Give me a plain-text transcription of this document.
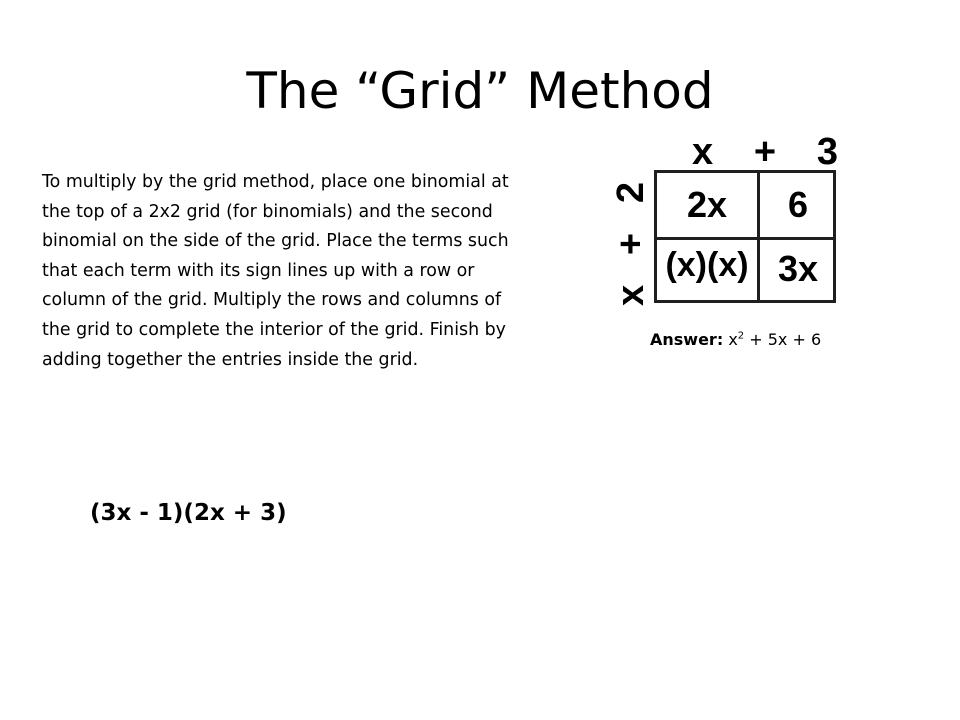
The “Grid” Method

To multiply by the grid method, place one binomial at the top of a 2x2 grid (for binomials) and the second binomial on the side of the grid. Place the terms such that each term with its sign lines up with a row or column of the grid. Multiply the rows and columns of the grid to complete the interior of the grid. Finish by adding together the entries inside the grid.

x + 3
x
+
2 2x	6
(x)(x) 3x
Answer: $x^2 + 5x + 6$
(3x - 1)(2x + 3)
